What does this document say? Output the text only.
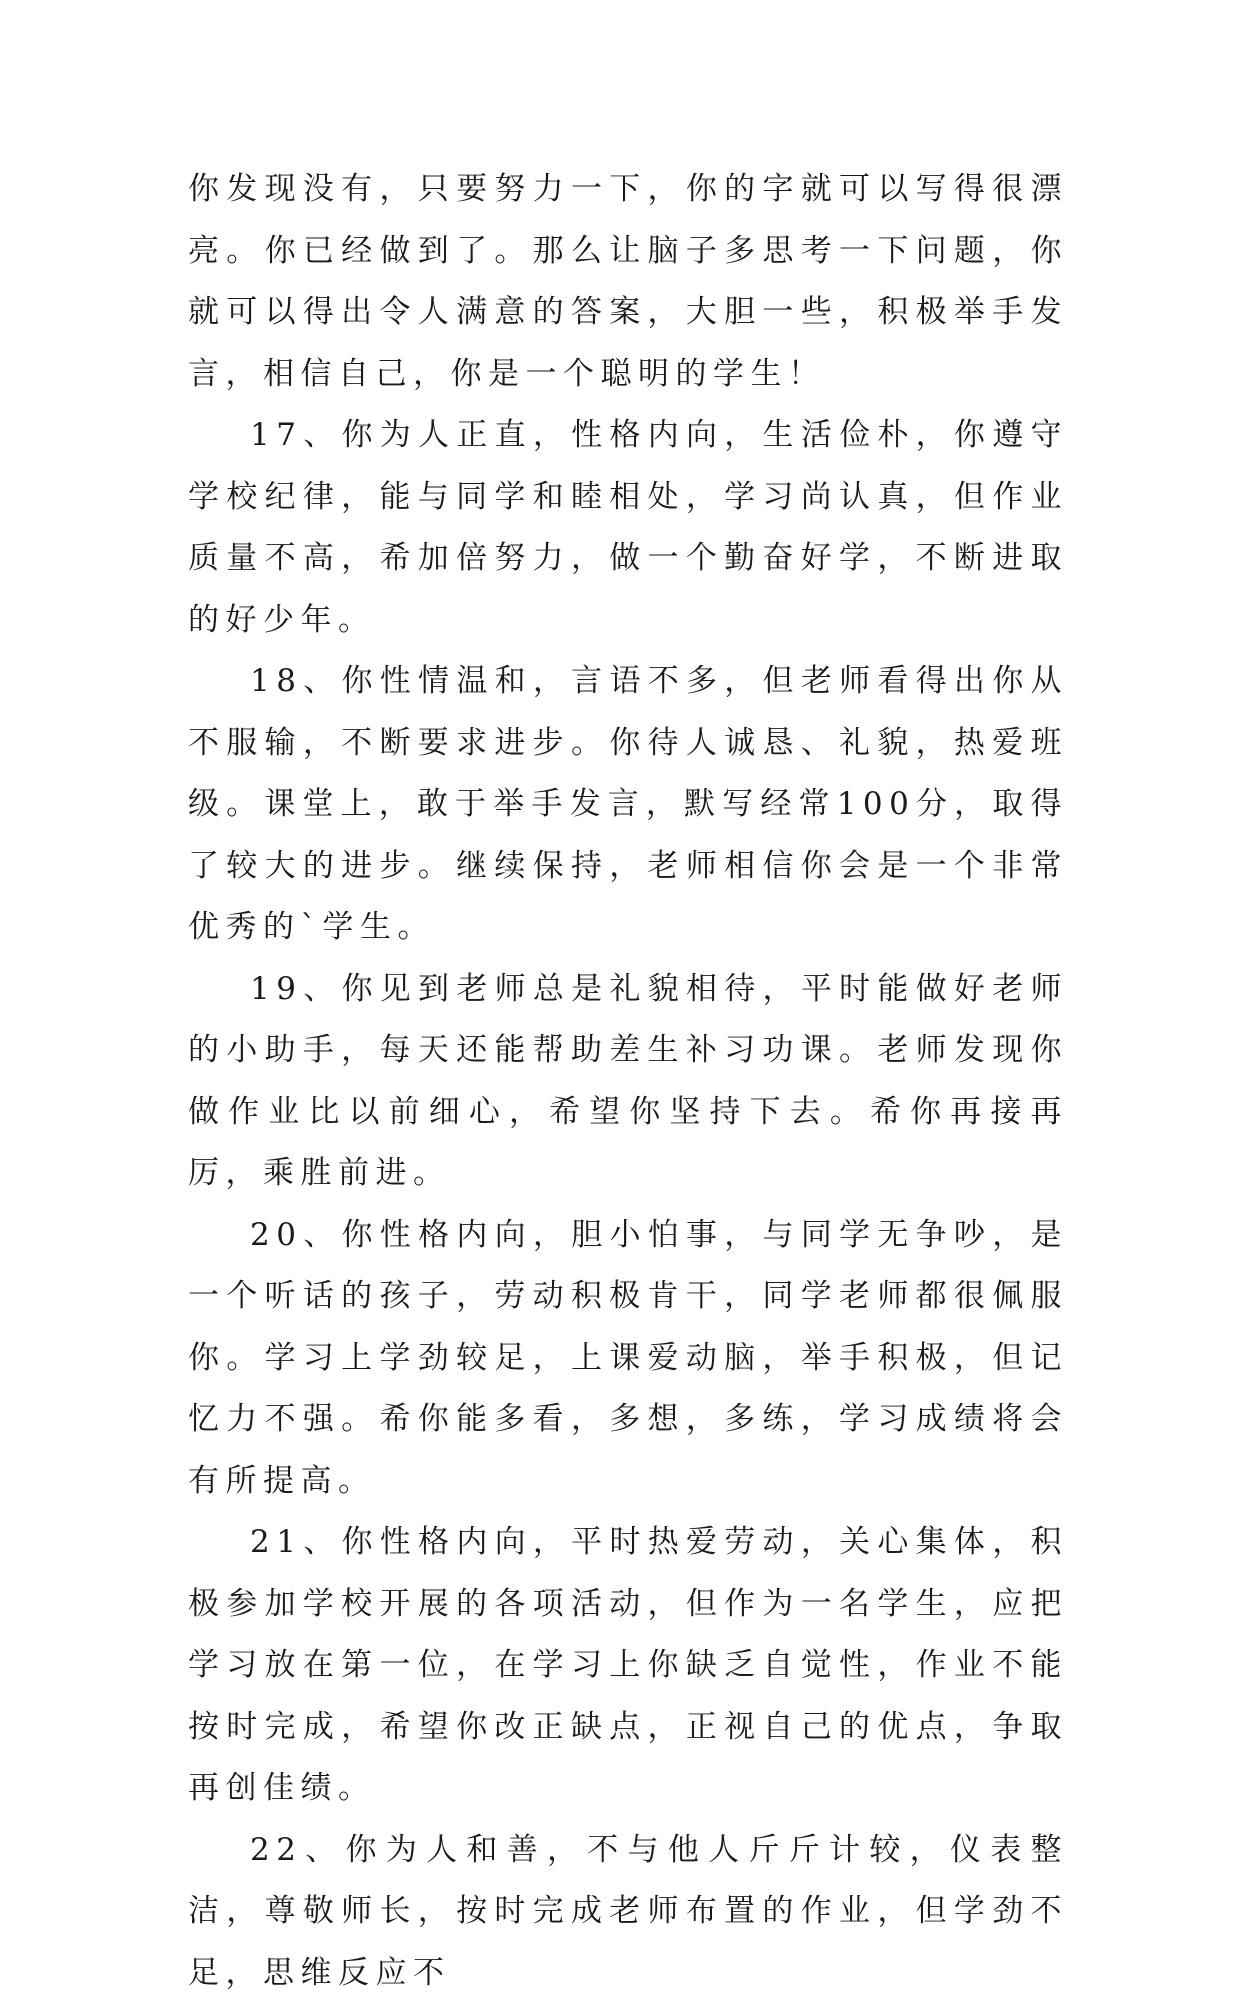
你发现没有，只要努力一下，你的字就可以写得很漂亮。你已经做到了。那么让脑子多思考一下问题，你就可以得出令人满意的答案，大胆一些，积极举手发言，相信自己，你是一个聪明的学生！

17、你为人正直，性格内向，生活俭朴，你遵守学校纪律，能与同学和睦相处，学习尚认真，但作业质量不高，希加倍努力，做一个勤奋好学，不断进取的好少年。

18、你性情温和，言语不多，但老师看得出你从不服输，不断要求进步。你待人诚恳、礼貌，热爱班级。课堂上，敢于举手发言，默写经常100分，取得了较大的进步。继续保持，老师相信你会是一个非常优秀的`学生。

19、你见到老师总是礼貌相待，平时能做好老师的小助手，每天还能帮助差生补习功课。老师发现你做作业比以前细心，希望你坚持下去。希你再接再厉，乘胜前进。

20、你性格内向，胆小怕事，与同学无争吵，是一个听话的孩子，劳动积极肯干，同学老师都很佩服你。学习上学劲较足，上课爱动脑，举手积极，但记忆力不强。希你能多看，多想，多练，学习成绩将会有所提高。

21、你性格内向，平时热爱劳动，关心集体，积极参加学校开展的各项活动，但作为一名学生，应把学习放在第一位，在学习上你缺乏自觉性，作业不能按时完成，希望你改正缺点，正视自己的优点，争取再创佳绩。

22、你为人和善，不与他人斤斤计较，仪表整洁，尊敬师长，按时完成老师布置的作业，但学劲不足，思维反应不
